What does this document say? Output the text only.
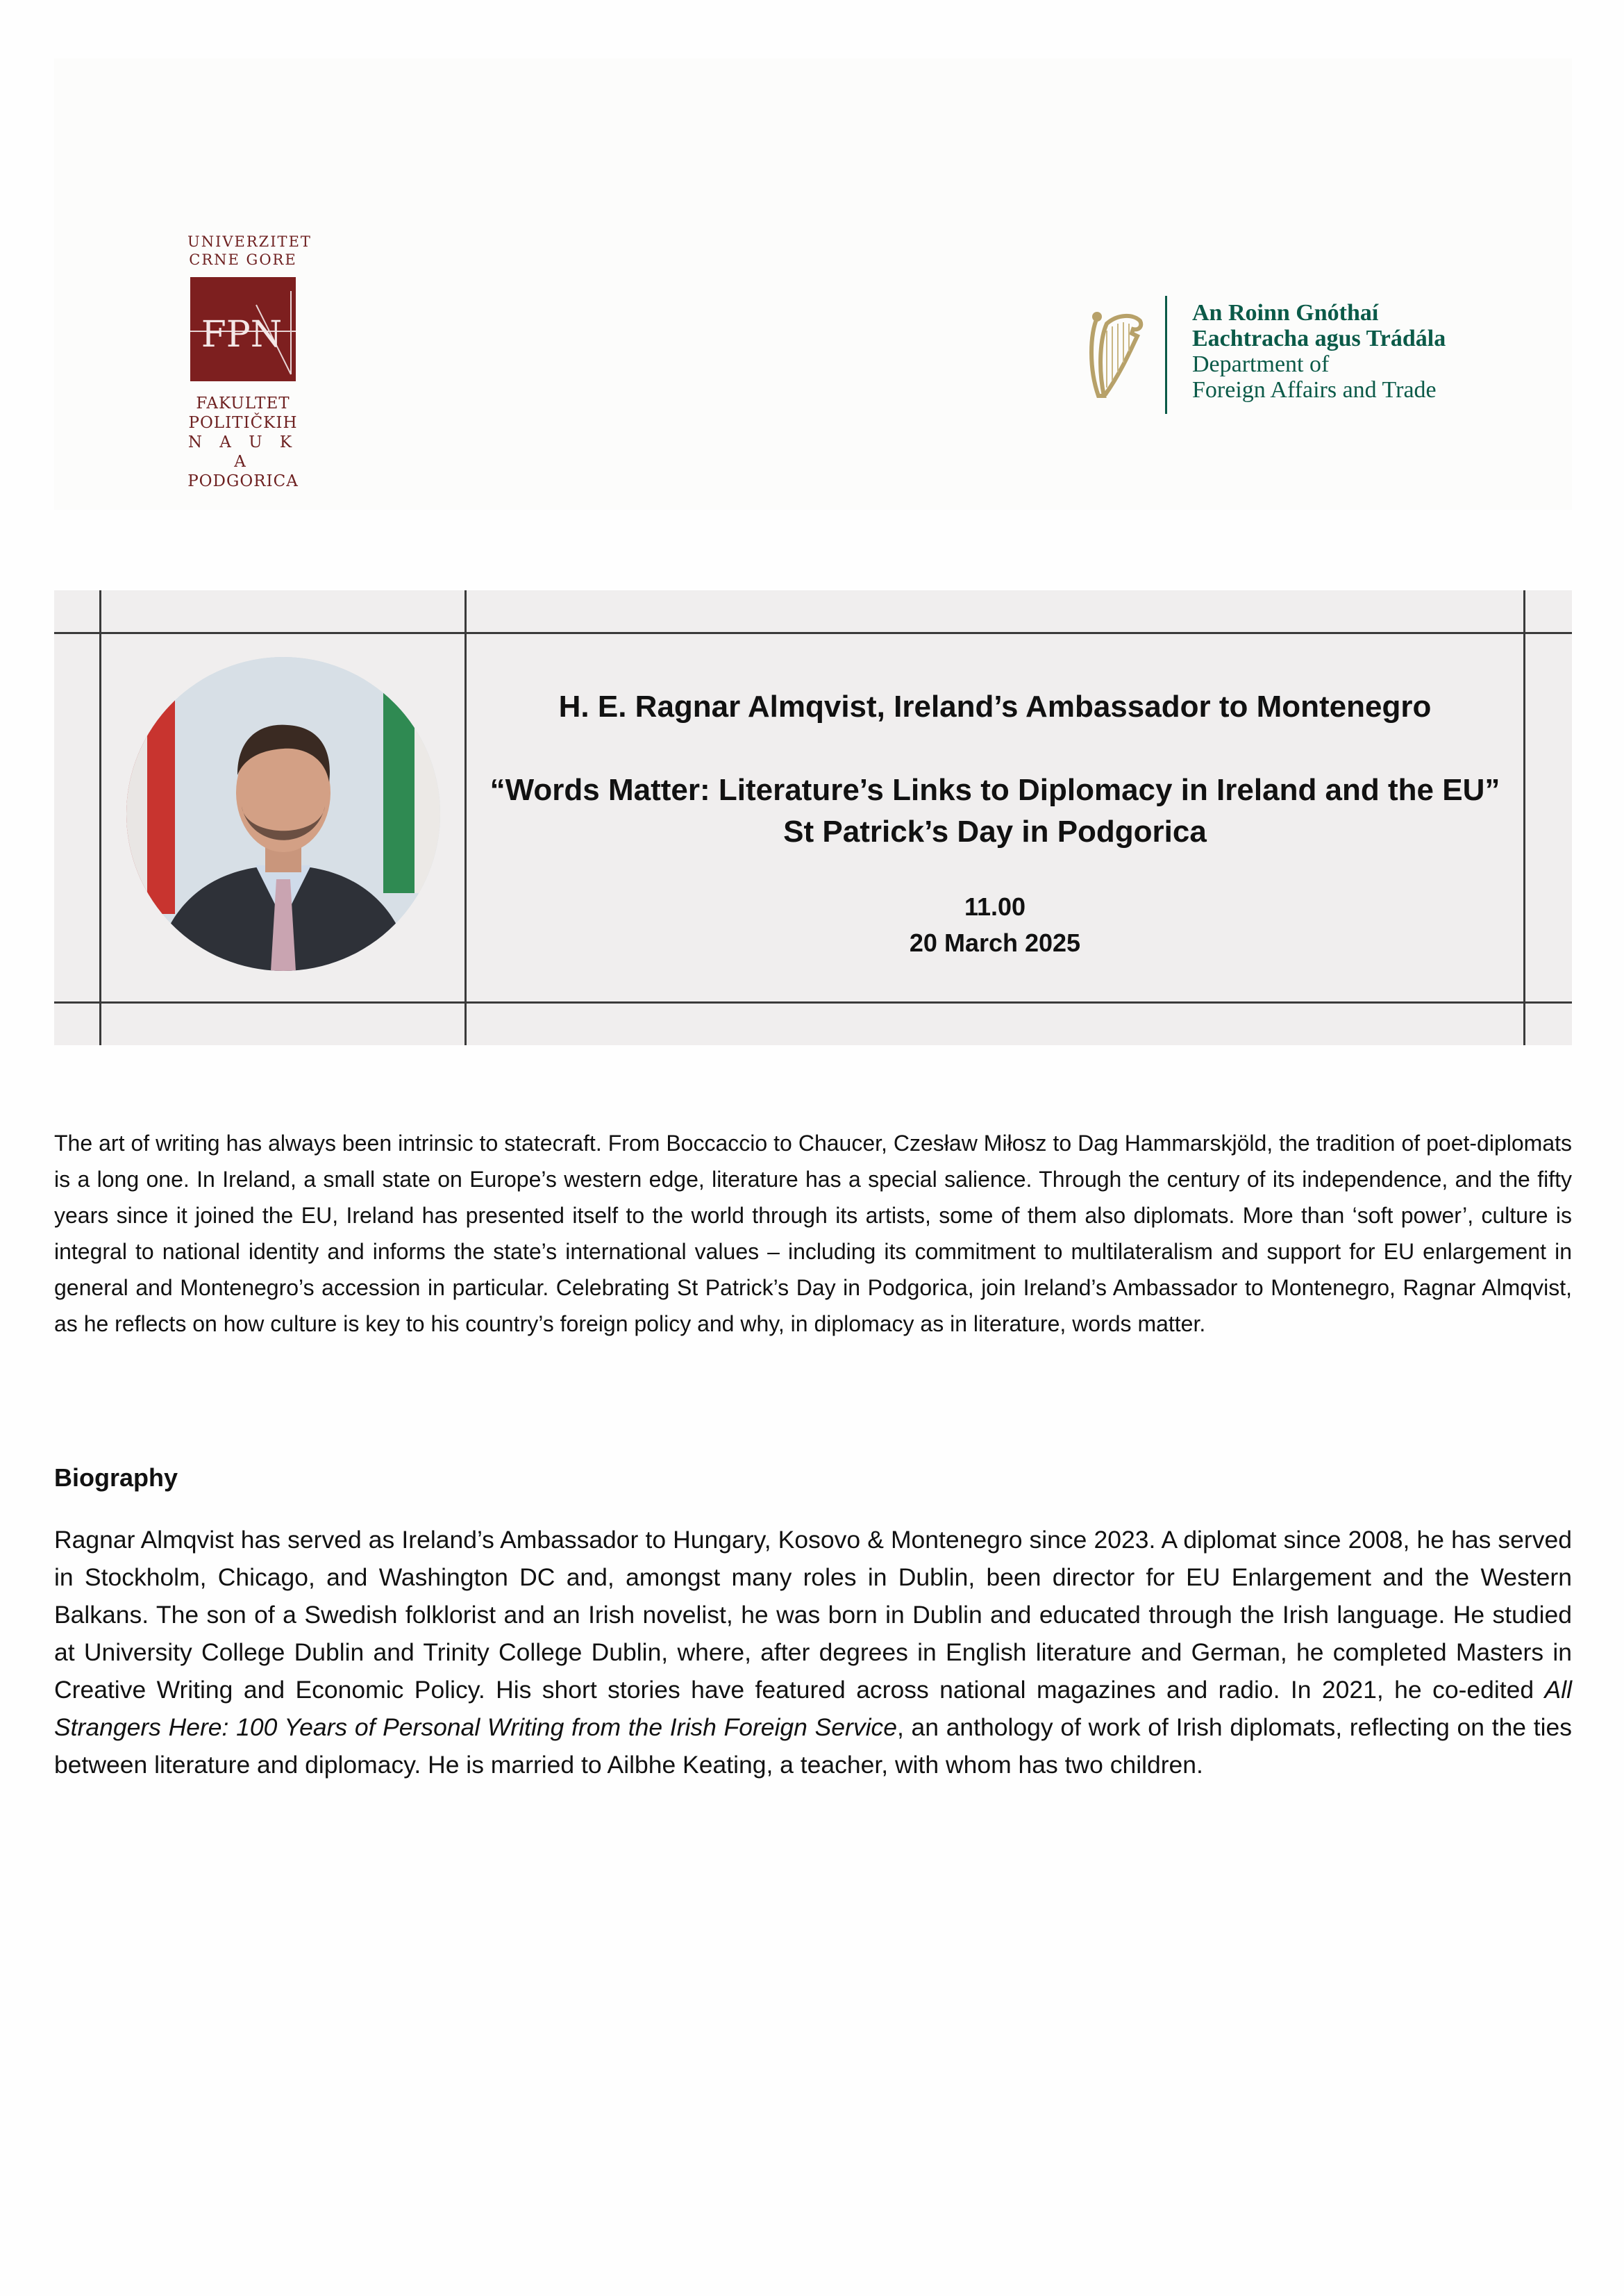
UNIVERZITET
CRNE GORE
FPN
FAKULTET
POLITIČKIH
N A U K A
PODGORICA
An Roinn Gnóthaí
Eachtracha agus Trádála
Department of
Foreign Affairs and Trade
H. E. Ragnar Almqvist, Ireland’s Ambassador to Montenegro
“Words Matter: Literature’s Links to Diplomacy in Ireland and the EU”
St Patrick’s Day in Podgorica
11.00
20 March 2025

The art of writing has always been intrinsic to statecraft. From Boccaccio to Chaucer, Czesław Miłosz to Dag Hammarskjöld, the tradition of poet-diplomats is a long one. In Ireland, a small state on Europe’s western edge, literature has a special salience. Through the century of its independence, and the fifty years since it joined the EU, Ireland has presented itself to the world through its artists, some of them also diplomats. More than ‘soft power’, culture is integral to national identity and informs the state’s international values – including its commitment to multilateralism and support for EU enlargement in general and Montenegro’s accession in particular. Celebrating St Patrick’s Day in Podgorica, join Ireland’s Ambassador to Montenegro, Ragnar Almqvist, as he reflects on how culture is key to his country’s foreign policy and why, in diplomacy as in literature, words matter.

Biography

Ragnar Almqvist has served as Ireland’s Ambassador to Hungary, Kosovo & Montenegro since 2023. A diplomat since 2008, he has served in Stockholm, Chicago, and Washington DC and, amongst many roles in Dublin, been director for EU Enlargement and the Western Balkans. The son of a Swedish folklorist and an Irish novelist, he was born in Dublin and educated through the Irish language. He studied at University College Dublin and Trinity College Dublin, where, after degrees in English literature and German, he completed Masters in Creative Writing and Economic Policy. His short stories have featured across national magazines and radio. In 2021, he co-edited All Strangers Here: 100 Years of Personal Writing from the Irish Foreign Service, an anthology of work of Irish diplomats, reflecting on the ties between literature and diplomacy. He is married to Ailbhe Keating, a teacher, with whom has two children.
